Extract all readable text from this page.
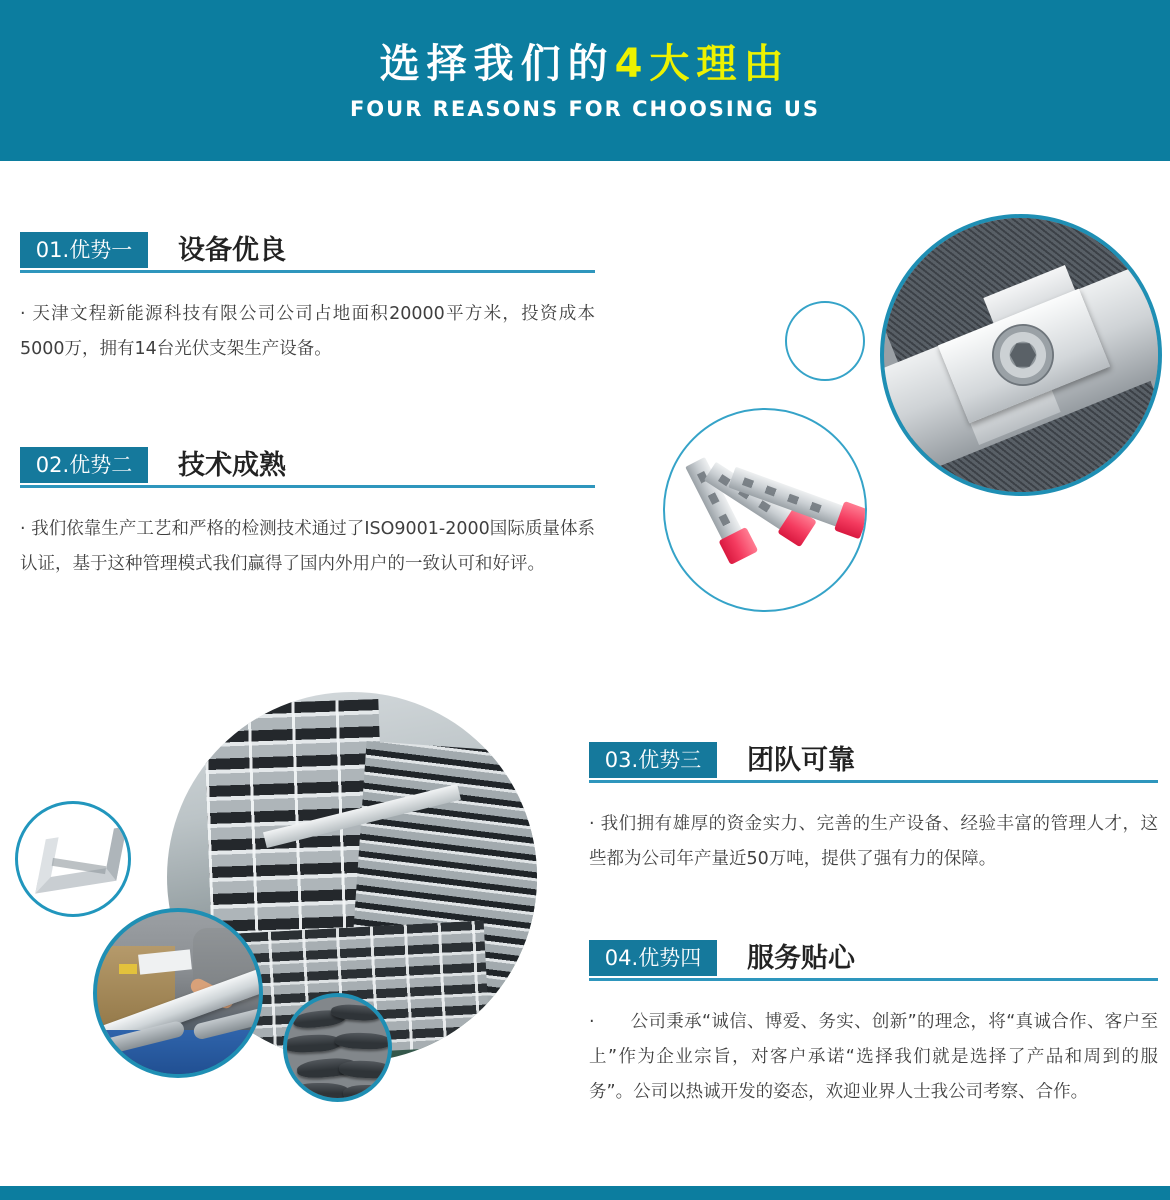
选择我们的4大理由
FOUR REASONS FOR CHOOSING US
01.优势一	设备优良

· 天津文程新能源科技有限公司公司占地面积20000平方米，投资成本5000万，拥有14台光伏支架生产设备。

02.优势二	技术成熟

· 我们依靠生产工艺和严格的检测技术通过了ISO9001-2000国际质量体系认证，基于这种管理模式我们赢得了国内外用户的一致认可和好评。

03.优势三	团队可靠

· 我们拥有雄厚的资金实力、完善的生产设备、经验丰富的管理人才，这些都为公司年产量近50万吨，提供了强有力的保障。

04.优势四	服务贴心

·　　公司秉承“诚信、博爱、务实、创新”的理念，将“真诚合作、客户至上”作为企业宗旨，对客户承诺“选择我们就是选择了产品和周到的服务”。公司以热诚开发的姿态，欢迎业界人士我公司考察、合作。
